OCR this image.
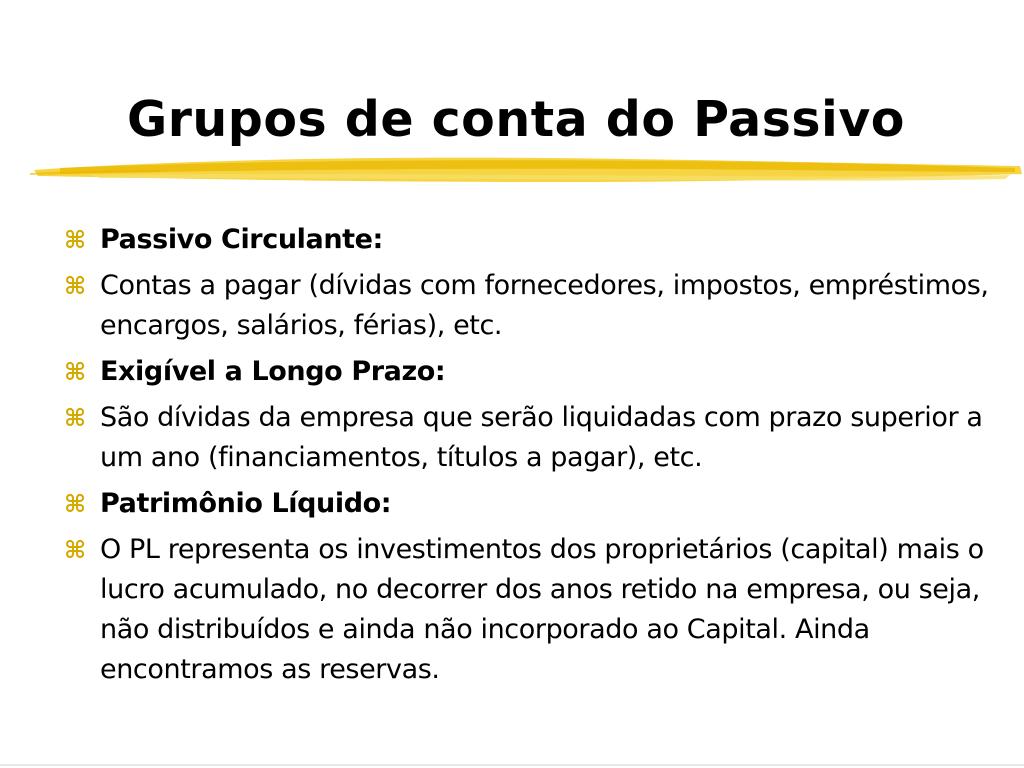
Grupos de conta do Passivo
⌘ Passivo Circulante:
⌘ Contas a pagar (dívidas com fornecedores, impostos, empréstimos, encargos, salários, férias), etc.
⌘ Exigível a Longo Prazo:
⌘ São dívidas da empresa que serão liquidadas com prazo superior a um ano (financiamentos, títulos a pagar), etc.
⌘ Patrimônio Líquido:
⌘ O PL representa os investimentos dos proprietários (capital) mais o lucro acumulado, no decorrer dos anos retido na empresa, ou seja, não distribuídos e ainda não incorporado ao Capital. Ainda encontramos as reservas.
